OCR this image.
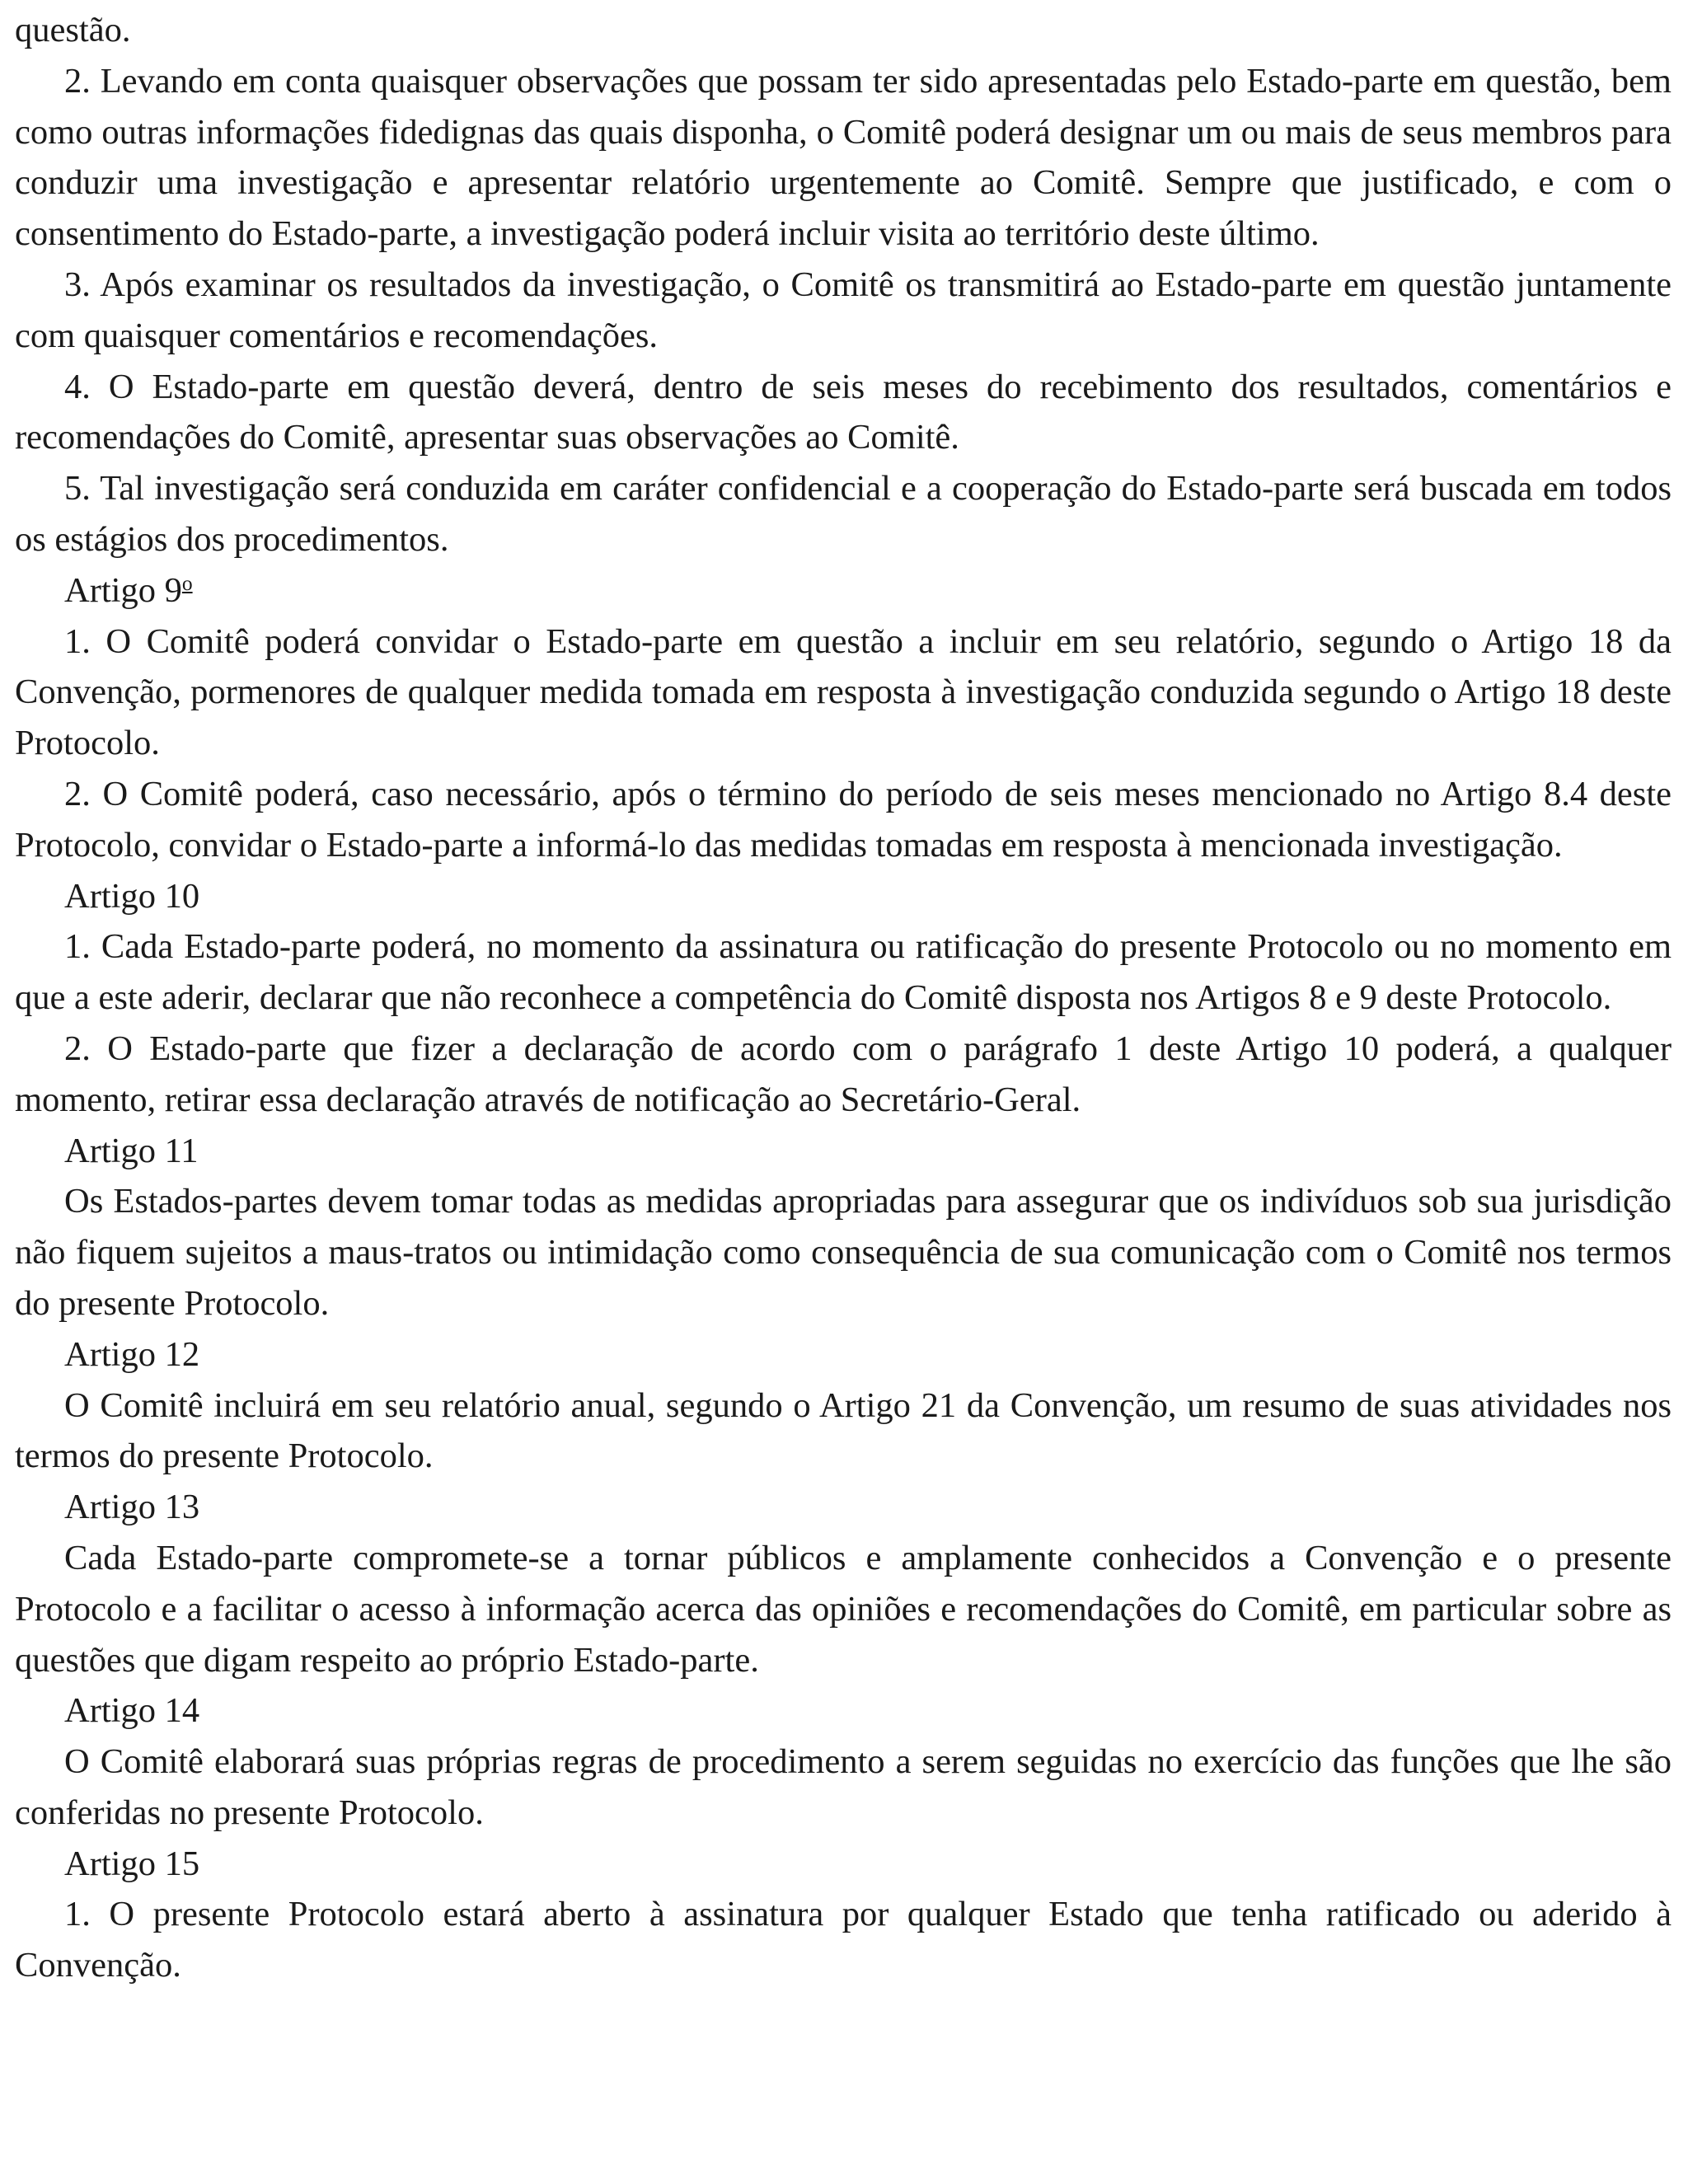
questão.

2. Levando em conta quaisquer observações que possam ter sido apresentadas pelo Estado-parte em questão, bem como outras informações fidedignas das quais disponha, o Comitê poderá designar um ou mais de seus membros para conduzir uma investigação e apresentar relatório urgentemente ao Comitê. Sempre que justificado, e com o consentimento do Estado-parte, a investigação poderá incluir visita ao território deste último.

3. Após examinar os resultados da investigação, o Comitê os transmitirá ao Estado-parte em questão juntamente com quaisquer comentários e recomendações.

4. O Estado-parte em questão deverá, dentro de seis meses do recebimento dos resultados, comentários e recomendações do Comitê, apresentar suas observações ao Comitê.

5. Tal investigação será conduzida em caráter confidencial e a cooperação do Estado-parte será buscada em todos os estágios dos procedimentos.

Artigo 9$^o$

1. O Comitê poderá convidar o Estado-parte em questão a incluir em seu relatório, segundo o Artigo 18 da Convenção, pormenores de qualquer medida tomada em resposta à investigação conduzida segundo o Artigo 18 deste Protocolo.

2. O Comitê poderá, caso necessário, após o término do período de seis meses mencionado no Artigo 8.4 deste Protocolo, convidar o Estado-parte a informá-lo das medidas tomadas em resposta à mencionada investigação.

Artigo 10

1. Cada Estado-parte poderá, no momento da assinatura ou ratificação do presente Protocolo ou no momento em que a este aderir, declarar que não reconhece a competência do Comitê disposta nos Artigos 8 e 9 deste Protocolo.

2. O Estado-parte que fizer a declaração de acordo com o parágrafo 1 deste Artigo 10 poderá, a qualquer momento, retirar essa declaração através de notificação ao Secretário-Geral.

Artigo 11

Os Estados-partes devem tomar todas as medidas apropriadas para assegurar que os indivíduos sob sua jurisdição não fiquem sujeitos a maus-tratos ou intimidação como consequência de sua comunicação com o Comitê nos termos do presente Protocolo.

Artigo 12

O Comitê incluirá em seu relatório anual, segundo o Artigo 21 da Convenção, um resumo de suas atividades nos termos do presente Protocolo.

Artigo 13

Cada Estado-parte compromete-se a tornar públicos e amplamente conhecidos a Convenção e o presente Protocolo e a facilitar o acesso à informação acerca das opiniões e recomendações do Comitê, em particular sobre as questões que digam respeito ao próprio Estado-parte.

Artigo 14

O Comitê elaborará suas próprias regras de procedimento a serem seguidas no exercício das funções que lhe são conferidas no presente Protocolo.

Artigo 15

1. O presente Protocolo estará aberto à assinatura por qualquer Estado que tenha ratificado ou aderido à Convenção.
